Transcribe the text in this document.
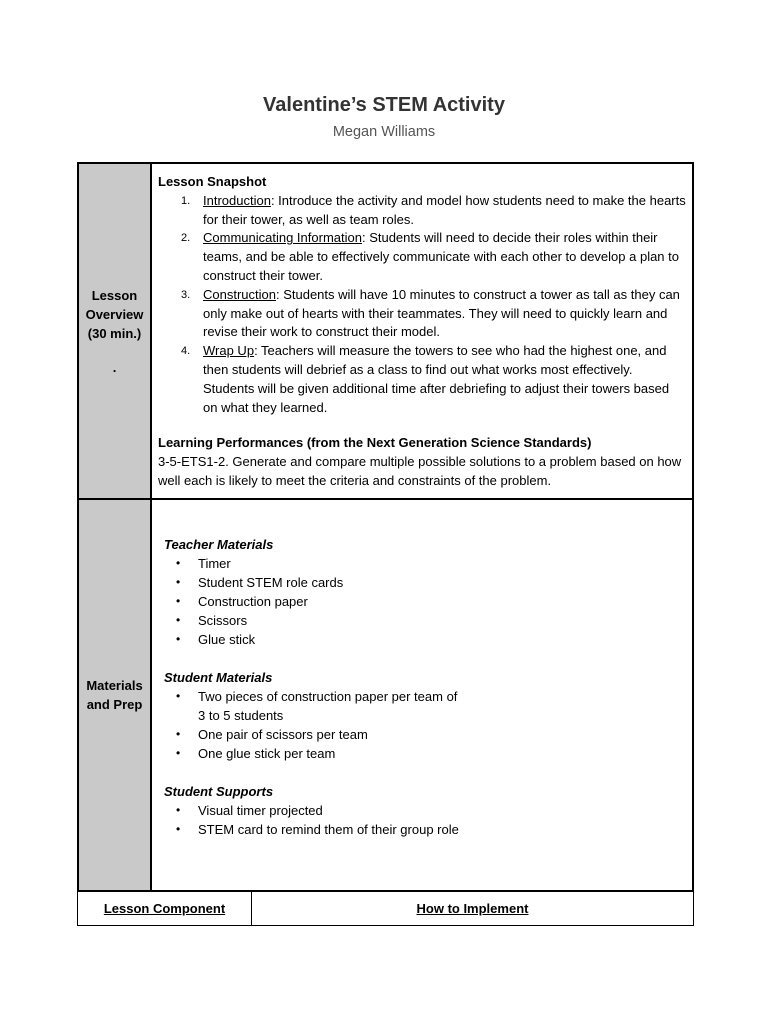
Valentine’s STEM Activity
Megan Williams
Lesson
Overview
(30 min.)
.
Lesson Snapshot
1. Introduction: Introduce the activity and model how students need to make the hearts for their tower, as well as team roles.
2. Communicating Information: Students will need to decide their roles within their teams, and be able to effectively communicate with each other to develop a plan to construct their tower.
3. Construction: Students will have 10 minutes to construct a tower as tall as they can only make out of hearts with their teammates. They will need to quickly learn and revise their work to construct their model.
4. Wrap Up: Teachers will measure the towers to see who had the highest one, and then students will debrief as a class to find out what works most effectively. Students will be given additional time after debriefing to adjust their towers based on what they learned.
Learning Performances (from the Next Generation Science Standards)
3-5-ETS1-2. Generate and compare multiple possible solutions to a problem based on how well each is likely to meet the criteria and constraints of the problem.
Materials
and Prep
Teacher Materials
• Timer
• Student STEM role cards
• Construction paper
• Scissors
• Glue stick
Student Materials
• Two pieces of construction paper per team of 3 to 5 students
• One pair of scissors per team
• One glue stick per team
Student Supports
• Visual timer projected
• STEM card to remind them of their group role
Lesson Component	How to Implement
